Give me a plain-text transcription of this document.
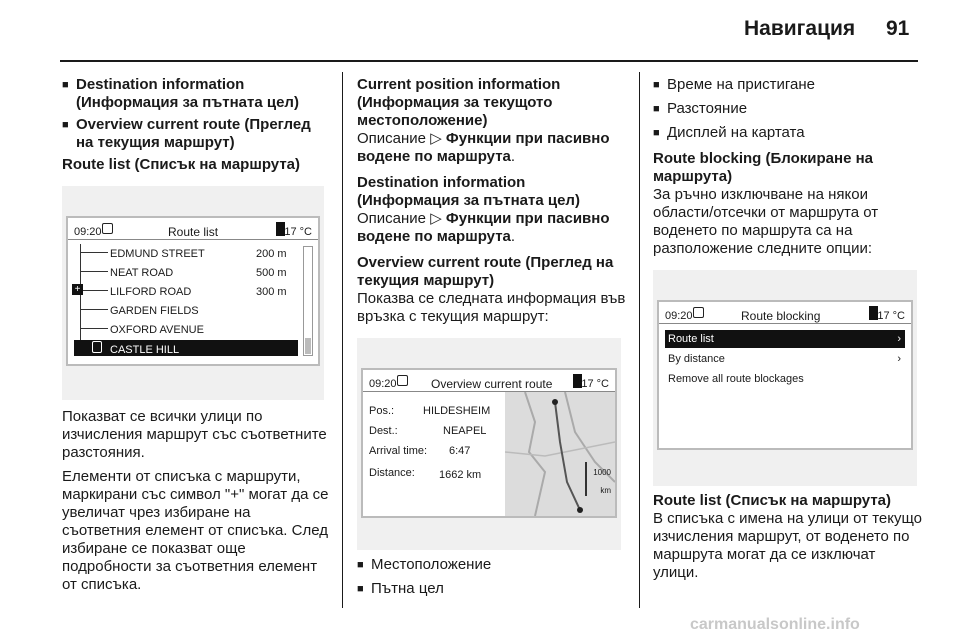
Навигация 91
■ Destination information (Информация за пътната цел)
■ Overview current route (Преглед на текущия маршрут)

Route list (Списък на маршрута)

09:20	Route list	17 °C
+
EDMUND STREET	200 m
NEAT ROAD	500 m
LILFORD ROAD	300 m
GARDEN FIELDS
OXFORD AVENUE
CASTLE HILL

Показват се всички улици по изчисления маршрут със съответните разстояния.

Елементи от списъка с маршрути, маркирани със символ "+" могат да се увеличат чрез избиране на съответния елемент от списъка. След избиране се показват още подробности за съответния елемент от списъка.

Current position information (Информация за текущото местоположение)

Описание ▷ Функции при пасивно водене по маршрута.

Destination information (Информация за пътната цел)

Описание ▷ Функции при пасивно водене по маршрута.

Overview current route (Преглед на текущия маршрут)

Показва се следната информация във връзка с текущия маршрут:

09:20	Overview current route	17 °C
Pos.:	HILDESHEIM
Dest.:	NEAPEL
Arrival time: 6:47
Distance: 1662 km	1000 km
■ Местоположение
■ Пътна цел
■ Време на пристигане
■ Разстояние
■ Дисплей на картата

Route blocking (Блокиране на маршрута)

За ръчно изключване на някои области/отсечки от маршрута от воденето по маршрута са на разположение следните опции:

09:20	Route blocking	17 °C
Route list	›
By distance	›
Remove all route blockages

Route list (Списък на маршрута)

В списъка с имена на улици от текущо изчисления маршрут, от воденето по маршрута могат да се изключат улици.

carmanualsonline.info
